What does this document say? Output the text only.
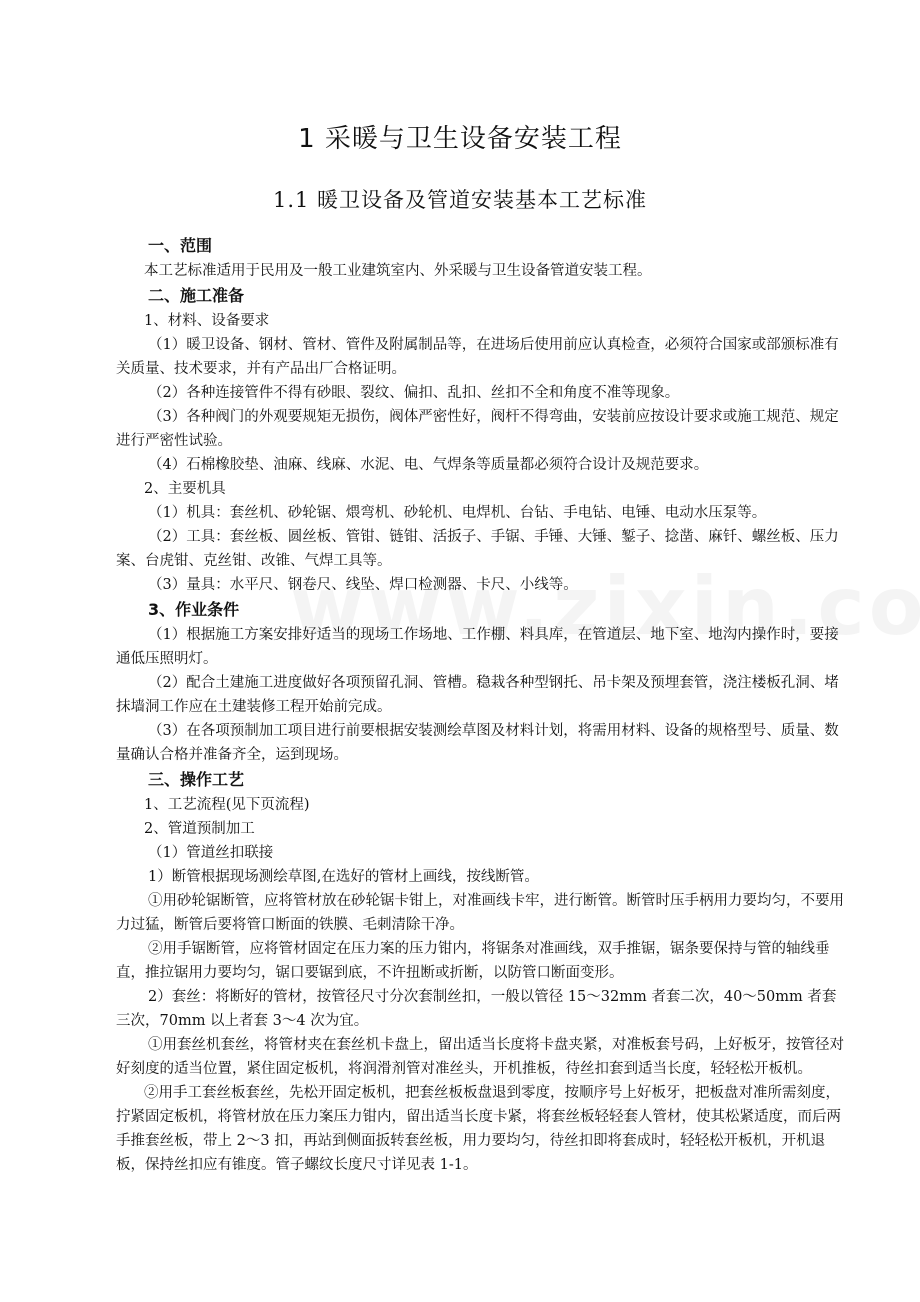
1 采暖与卫生设备安装工程
1.1 暖卫设备及管道安装基本工艺标准

一、范围

本工艺标准适用于民用及一般工业建筑室内、外采暖与卫生设备管道安装工程。

二、施工准备

1、材料、设备要求

（1）暖卫设备、钢材、管材、管件及附属制品等，在进场后使用前应认真检查，必须符合国家或部颁标准有关质量、技术要求，并有产品出厂合格证明。

（2）各种连接管件不得有砂眼、裂纹、偏扣、乱扣、丝扣不全和角度不准等现象。

（3）各种阀门的外观要规矩无损伤，阀体严密性好，阀杆不得弯曲，安装前应按设计要求或施工规范、规定进行严密性试验。

（4）石棉橡胶垫、油麻、线麻、水泥、电、气焊条等质量都必须符合设计及规范要求。

2、主要机具

（1）机具：套丝机、砂轮锯、煨弯机、砂轮机、电焊机、台钻、手电钻、电锤、电动水压泵等。

（2）工具：套丝板、圆丝板、管钳、链钳、活扳子、手锯、手锤、大锤、錾子、捻凿、麻钎、螺丝板、压力案、台虎钳、克丝钳、改锥、气焊工具等。

（3）量具：水平尺、钢卷尺、线坠、焊口检测器、卡尺、小线等。

3、作业条件

（1）根据施工方案安排好适当的现场工作场地、工作棚、料具库，在管道层、地下室、地沟内操作时，要接通低压照明灯。

（2）配合土建施工进度做好各项预留孔洞、管槽。稳栽各种型钢托、吊卡架及预埋套管，浇注楼板孔洞、堵抹墙洞工作应在土建装修工程开始前完成。

（3）在各项预制加工项目进行前要根据安装测绘草图及材料计划，将需用材料、设备的规格型号、质量、数量确认合格并准备齐全，运到现场。

三、操作工艺

1、工艺流程(见下页流程)

2、管道预制加工

（1）管道丝扣联接

1）断管根据现场测绘草图,在选好的管材上画线，按线断管。

①用砂轮锯断管，应将管材放在砂轮锯卡钳上，对准画线卡牢，进行断管。断管时压手柄用力要均匀，不要用力过猛，断管后要将管口断面的铁膜、毛刺清除干净。

②用手锯断管，应将管材固定在压力案的压力钳内，将锯条对准画线，双手推锯，锯条要保持与管的轴线垂直，推拉锯用力要均匀，锯口要锯到底，不许扭断或折断，以防管口断面变形。

2）套丝：将断好的管材，按管径尺寸分次套制丝扣，一般以管径 15～32mm 者套二次，40～50mm 者套三次，70mm 以上者套 3～4 次为宜。

①用套丝机套丝，将管材夹在套丝机卡盘上，留出适当长度将卡盘夹紧，对准板套号码，上好板牙，按管径对好刻度的适当位置，紧住固定板机，将润滑剂管对准丝头，开机推板，待丝扣套到适当长度，轻轻松开板机。

②用手工套丝板套丝，先松开固定板机，把套丝板板盘退到零度，按顺序号上好板牙，把板盘对准所需刻度，拧紧固定板机，将管材放在压力案压力钳内，留出适当长度卡紧，将套丝板轻轻套人管材，使其松紧适度，而后两手推套丝板，带上 2～3 扣，再站到侧面扳转套丝板，用力要均匀，待丝扣即将套成时，轻轻松开板机，开机退板，保持丝扣应有锥度。管子螺纹长度尺寸详见表 1-1。
